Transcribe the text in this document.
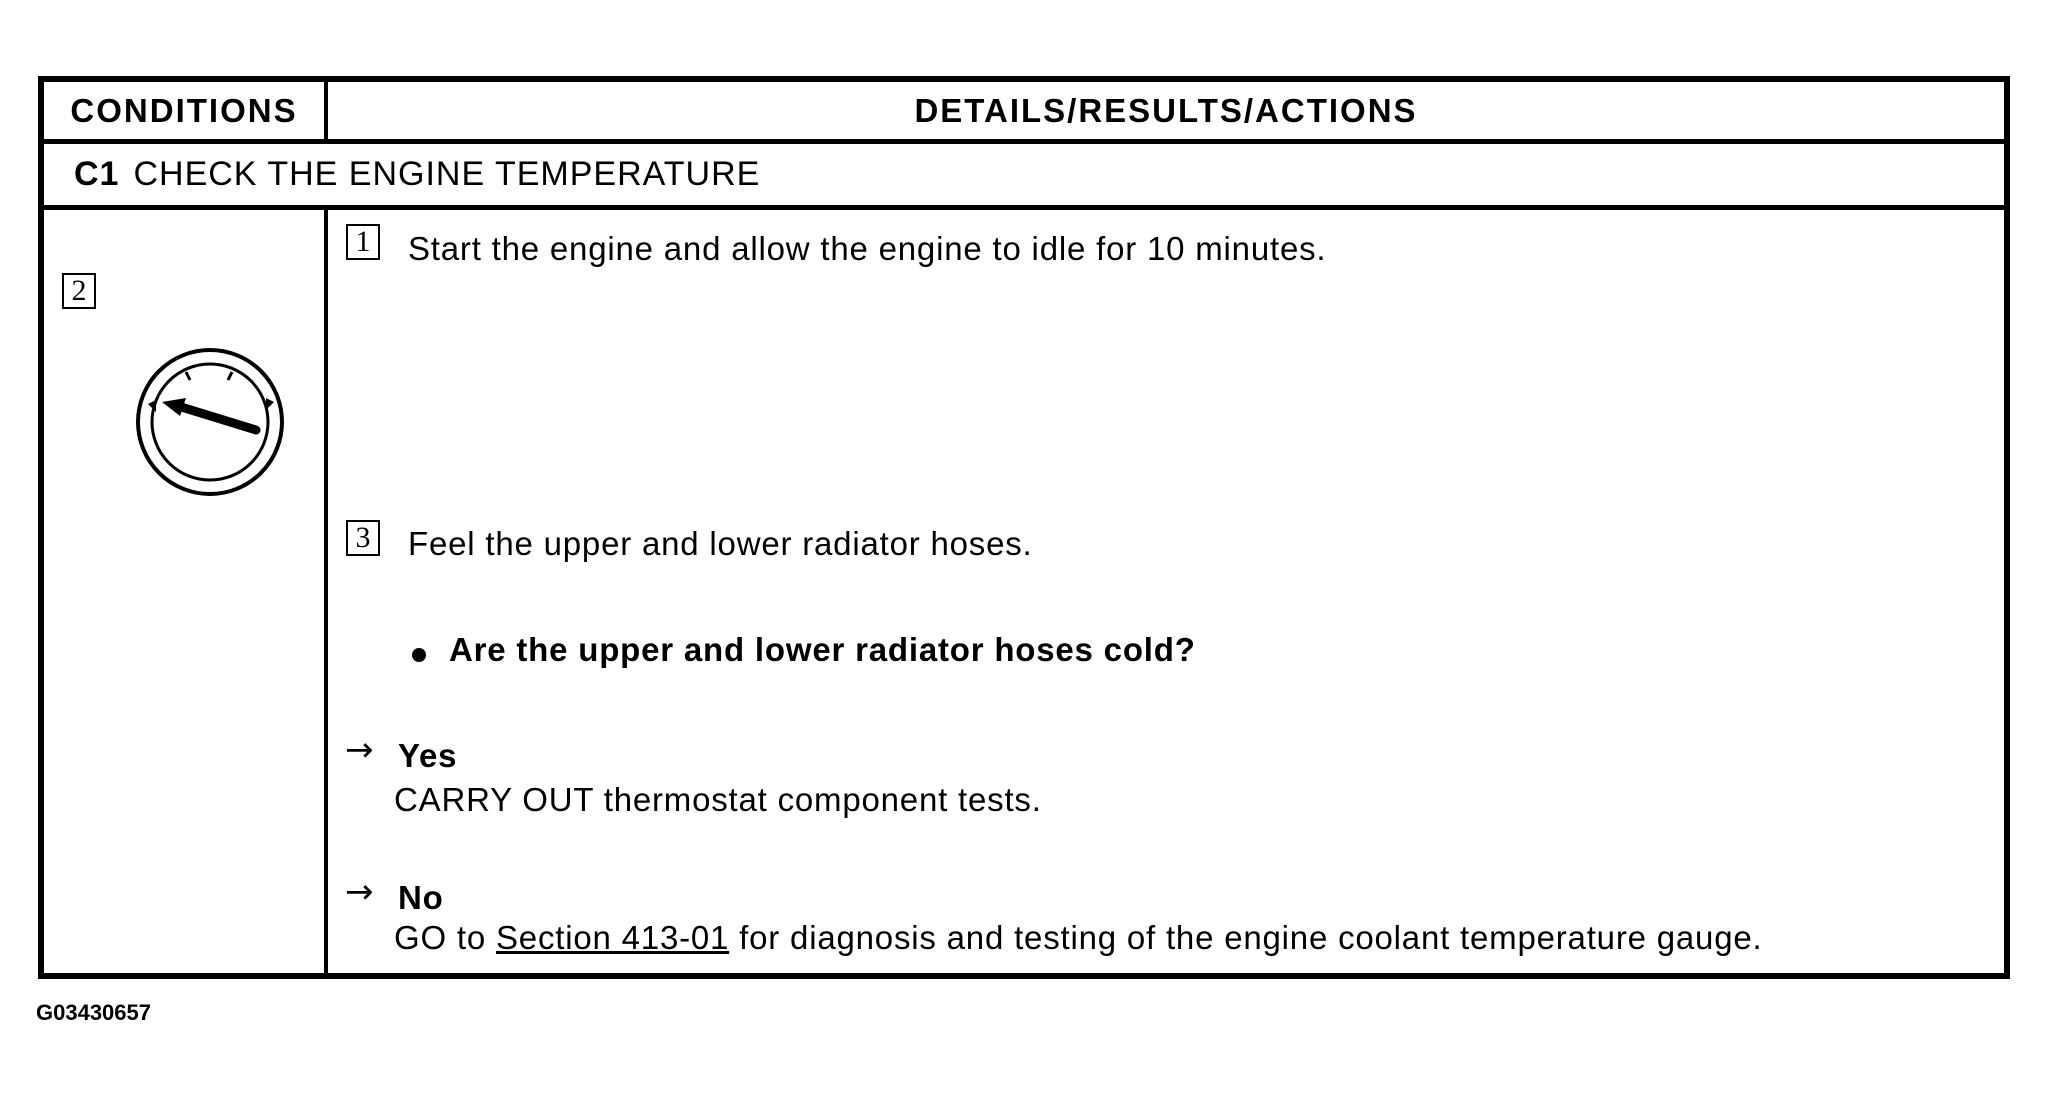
CONDITIONS	DETAILS/RESULTS/ACTIONS
C1 CHECK THE ENGINE TEMPERATURE
2
1 Start the engine and allow the engine to idle for 10 minutes.
3 Feel the upper and lower radiator hoses.
Are the upper and lower radiator hoses cold?
→ Yes
CARRY OUT thermostat component tests.
→ No
GO to Section 413-01 for diagnosis and testing of the engine coolant temperature gauge.
G03430657
